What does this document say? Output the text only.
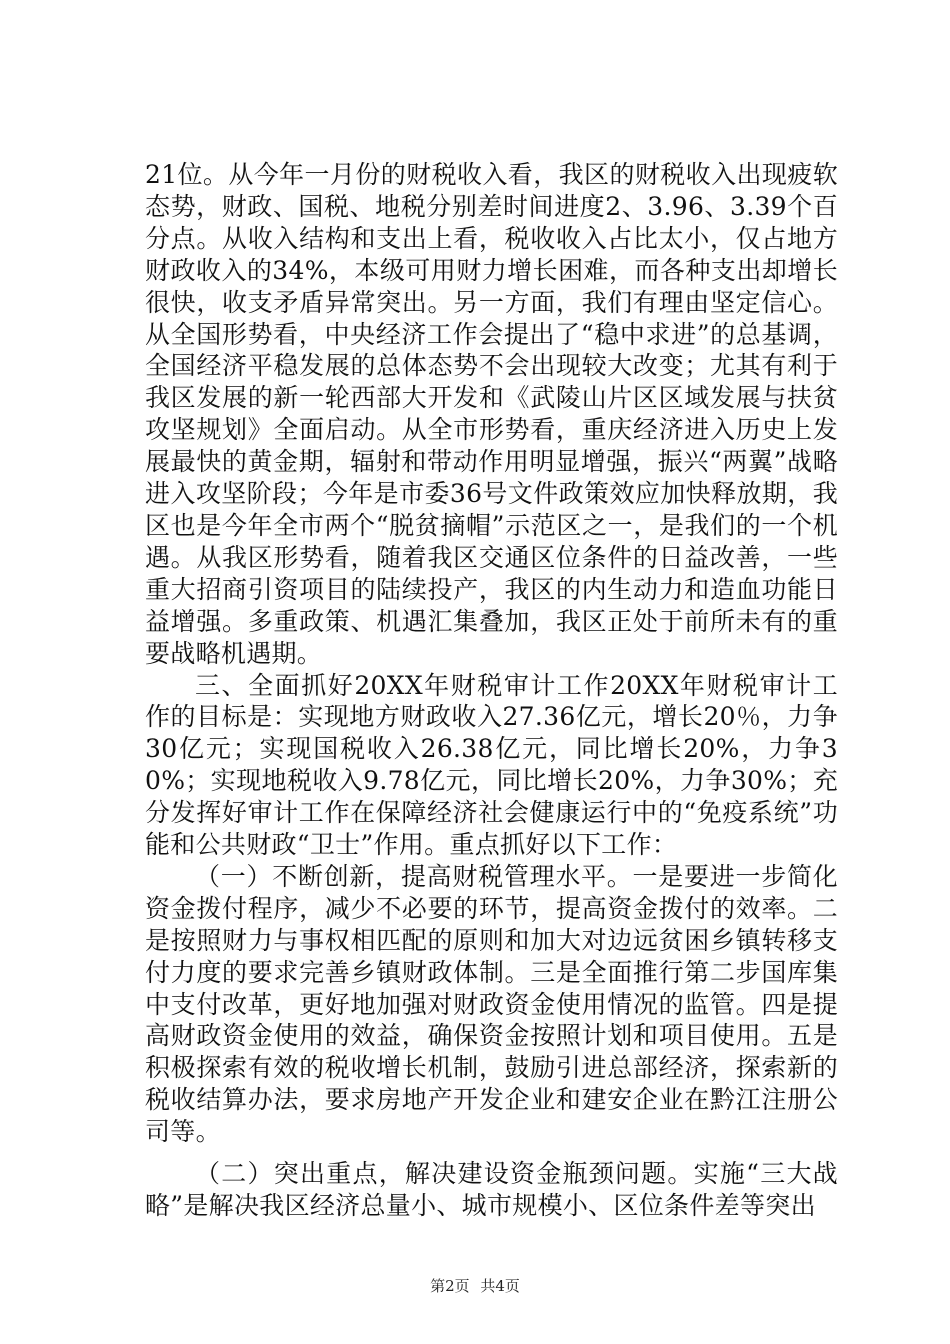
21位。从今年一月份的财税收入看，我区的财税收入出现疲软态势，财政、国税、地税分别差时间进度2、3.96、3.39个百分点。从收入结构和支出上看，税收收入占比太小，仅占地方财政收入的34%，本级可用财力增长困难，而各种支出却增长很快，收支矛盾异常突出。另一方面，我们有理由坚定信心。从全国形势看，中央经济工作会提出了“稳中求进”的总基调，全国经济平稳发展的总体态势不会出现较大改变；尤其有利于我区发展的新一轮西部大开发和《武陵山片区区域发展与扶贫攻坚规划》全面启动。从全市形势看，重庆经济进入历史上发展最快的黄金期，辐射和带动作用明显增强，振兴“两翼”战略进入攻坚阶段；今年是市委36号文件政策效应加快释放期，我区也是今年全市两个“脱贫摘帽”示范区之一，是我们的一个机遇。从我区形势看，随着我区交通区位条件的日益改善，一些重大招商引资项目的陆续投产，我区的内生动力和造血功能日益增强。多重政策、机遇汇集叠加，我区正处于前所未有的重要战略机遇期。

三、全面抓好20XX年财税审计工作20XX年财税审计工作的目标是：实现地方财政收入27.36亿元，增长20％，力争30亿元；实现国税收入26.38亿元，同比增长20%，力争30%；实现地税收入9.78亿元，同比增长20%，力争30%；充分发挥好审计工作在保障经济社会健康运行中的“免疫系统”功能和公共财政“卫士”作用。重点抓好以下工作：

（一）不断创新，提高财税管理水平。一是要进一步简化资金拨付程序，减少不必要的环节，提高资金拨付的效率。二是按照财力与事权相匹配的原则和加大对边远贫困乡镇转移支付力度的要求完善乡镇财政体制。三是全面推行第二步国库集中支付改革，更好地加强对财政资金使用情况的监管。四是提高财政资金使用的效益，确保资金按照计划和项目使用。五是积极探索有效的税收增长机制，鼓励引进总部经济，探索新的税收结算办法，要求房地产开发企业和建安企业在黔江注册公司等。

（二）突出重点，解决建设资金瓶颈问题。实施“三大战略”是解决我区经济总量小、城市规模小、区位条件差等突出

第2页 共4页
